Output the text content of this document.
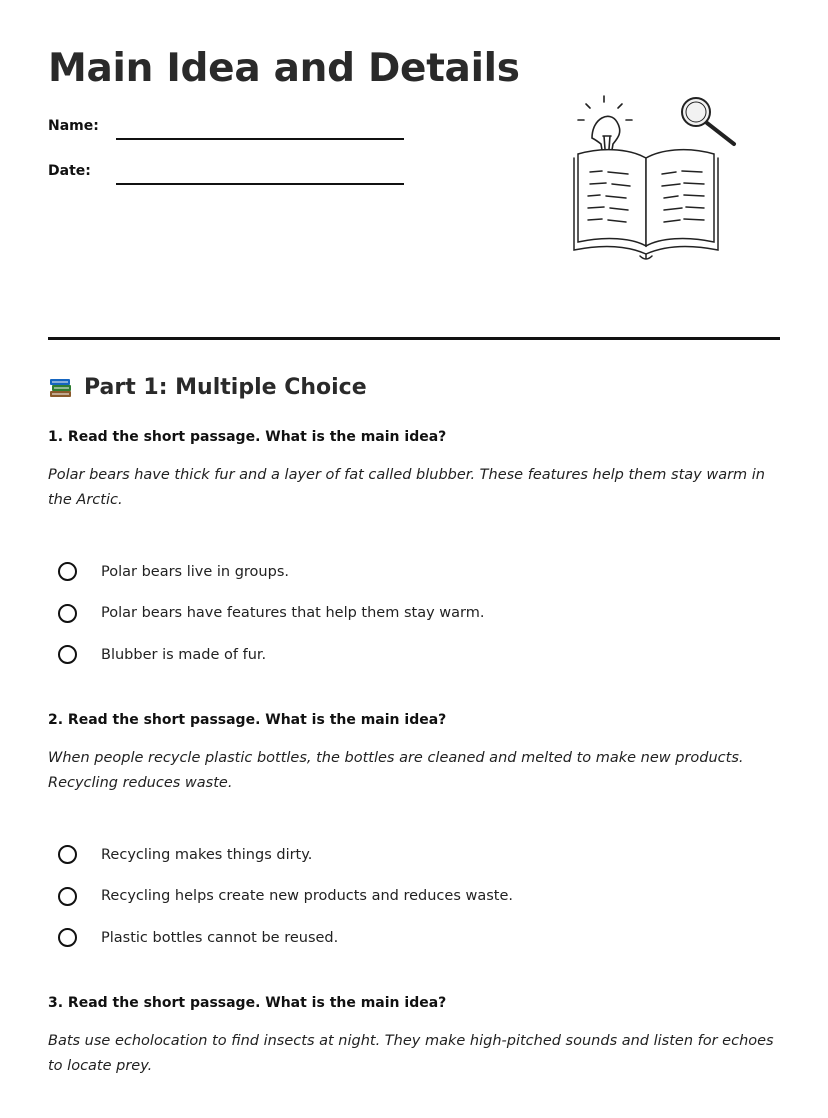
Main Idea and Details
Name:
Date:
Part 1: Multiple Choice

1. Read the short passage. What is the main idea?

Polar bears have thick fur and a layer of fat called blubber. These features help them stay warm in the Arctic.

Polar bears live in groups.
Polar bears have features that help them stay warm.
Blubber is made of fur.

2. Read the short passage. What is the main idea?

When people recycle plastic bottles, the bottles are cleaned and melted to make new products. Recycling reduces waste.

Recycling makes things dirty.
Recycling helps create new products and reduces waste.
Plastic bottles cannot be reused.

3. Read the short passage. What is the main idea?

Bats use echolocation to find insects at night. They make high-pitched sounds and listen for echoes to locate prey.
